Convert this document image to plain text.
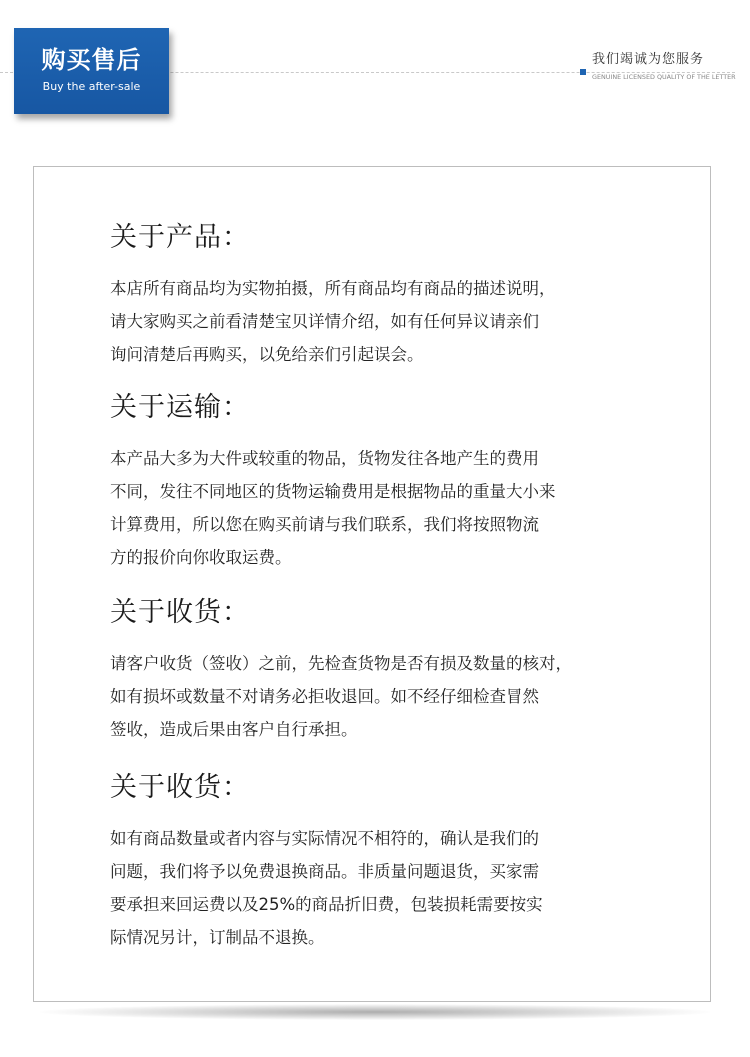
购买售后
Buy the after-sale
我们竭诚为您服务
GENUINE LICENSED QUALITY OF THE LETTER
关于产品：
本店所有商品均为实物拍摄，所有商品均有商品的描述说明，
请大家购买之前看清楚宝贝详情介绍，如有任何异议请亲们
询问清楚后再购买，以免给亲们引起误会。
关于运输：
本产品大多为大件或较重的物品，货物发往各地产生的费用
不同，发往不同地区的货物运输费用是根据物品的重量大小来
计算费用，所以您在购买前请与我们联系，我们将按照物流
方的报价向你收取运费。
关于收货：
请客户收货（签收）之前，先检查货物是否有损及数量的核对，
如有损坏或数量不对请务必拒收退回。如不经仔细检查冒然
签收，造成后果由客户自行承担。
关于收货：
如有商品数量或者内容与实际情况不相符的，确认是我们的
问题，我们将予以免费退换商品。非质量问题退货，买家需
要承担来回运费以及25%的商品折旧费，包装损耗需要按实
际情况另计，订制品不退换。
